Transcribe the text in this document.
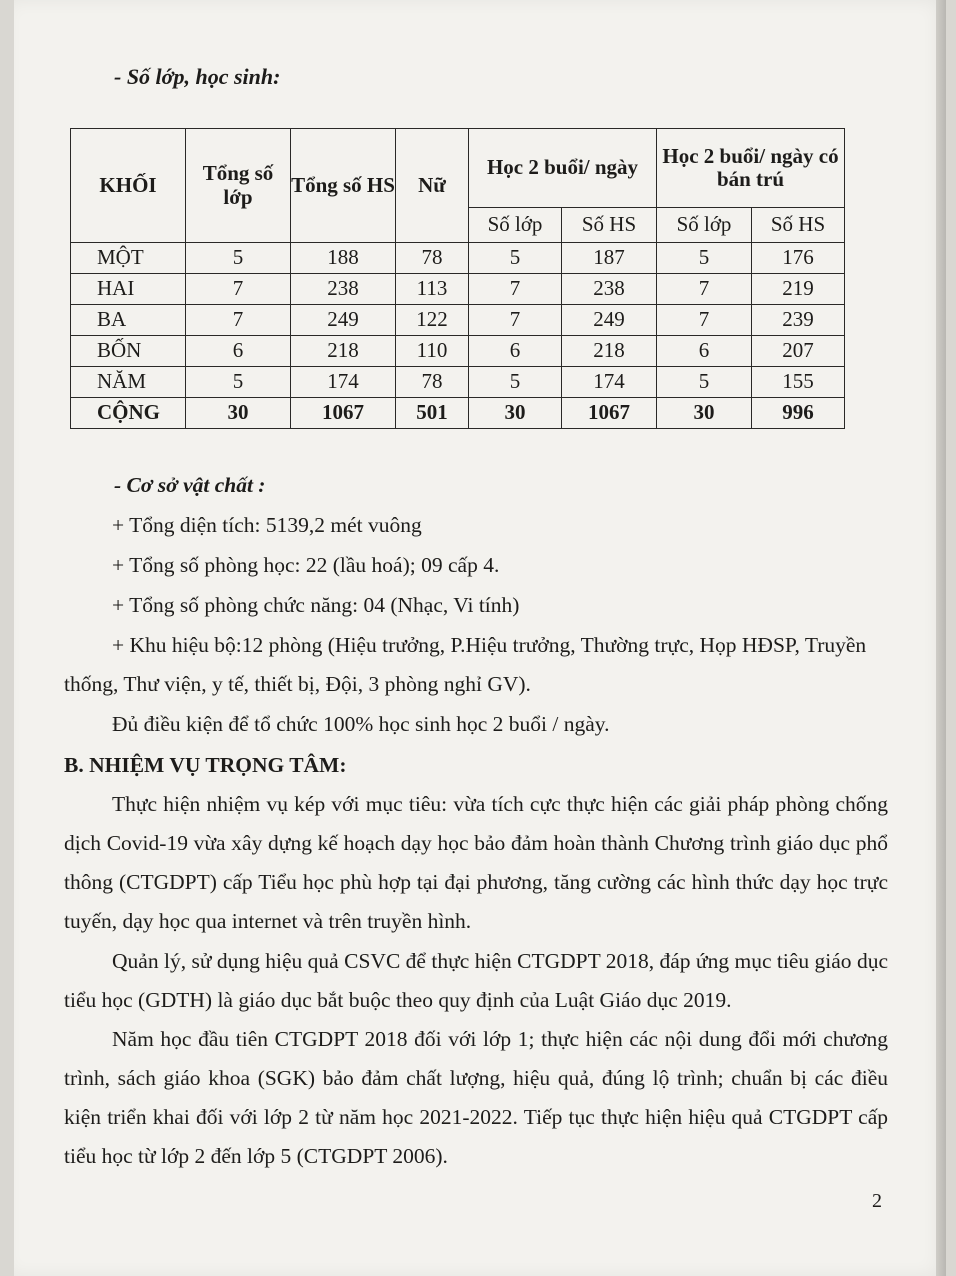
- Số lớp, học sinh:
KHỐI	Tổng số lớp	Tổng số HS	Nữ	Học 2 buổi/ ngày		Học 2 buổi/ ngày có bán trú	
				Số lớp	Số HS	Số lớp	Số HS
MỘT	5	188	78	5	187	5	176
HAI	7	238	113	7	238	7	219
BA	7	249	122	7	249	7	239
BỐN	6	218	110	6	218	6	207
NĂM	5	174	78	5	174	5	155
CỘNG	30	1067	501	30	1067	30	996
- Cơ sở vật chất :
+ Tổng diện tích: 5139,2 mét vuông
+ Tổng số phòng học: 22 (lầu hoá); 09 cấp 4.
+ Tổng số phòng chức năng: 04 (Nhạc, Vi tính)
+ Khu hiệu bộ:12 phòng (Hiệu trưởng, P.Hiệu trưởng, Thường trực, Họp HĐSP, Truyền thống, Thư viện, y tế, thiết bị, Đội, 3 phòng nghỉ GV).
Đủ điều kiện để tổ chức 100% học sinh học 2 buổi / ngày.
B. NHIỆM VỤ TRỌNG TÂM:
Thực hiện nhiệm vụ kép với mục tiêu: vừa tích cực thực hiện các giải pháp phòng chống dịch Covid-19 vừa xây dựng kế hoạch dạy học bảo đảm hoàn thành Chương trình giáo dục phổ thông (CTGDPT) cấp Tiểu học phù hợp tại đại phương, tăng cường các hình thức dạy học trực tuyến, dạy học qua internet và trên truyền hình.
Quản lý, sử dụng hiệu quả CSVC để thực hiện CTGDPT 2018, đáp ứng mục tiêu giáo dục tiểu học (GDTH) là giáo dục bắt buộc theo quy định của Luật Giáo dục 2019.
Năm học đầu tiên CTGDPT 2018 đối với lớp 1; thực hiện các nội dung đổi mới chương trình, sách giáo khoa (SGK) bảo đảm chất lượng, hiệu quả, đúng lộ trình; chuẩn bị các điều kiện triển khai đối với lớp 2 từ năm học 2021-2022. Tiếp tục thực hiện hiệu quả CTGDPT cấp tiểu học từ lớp 2 đến lớp 5 (CTGDPT 2006).
2
